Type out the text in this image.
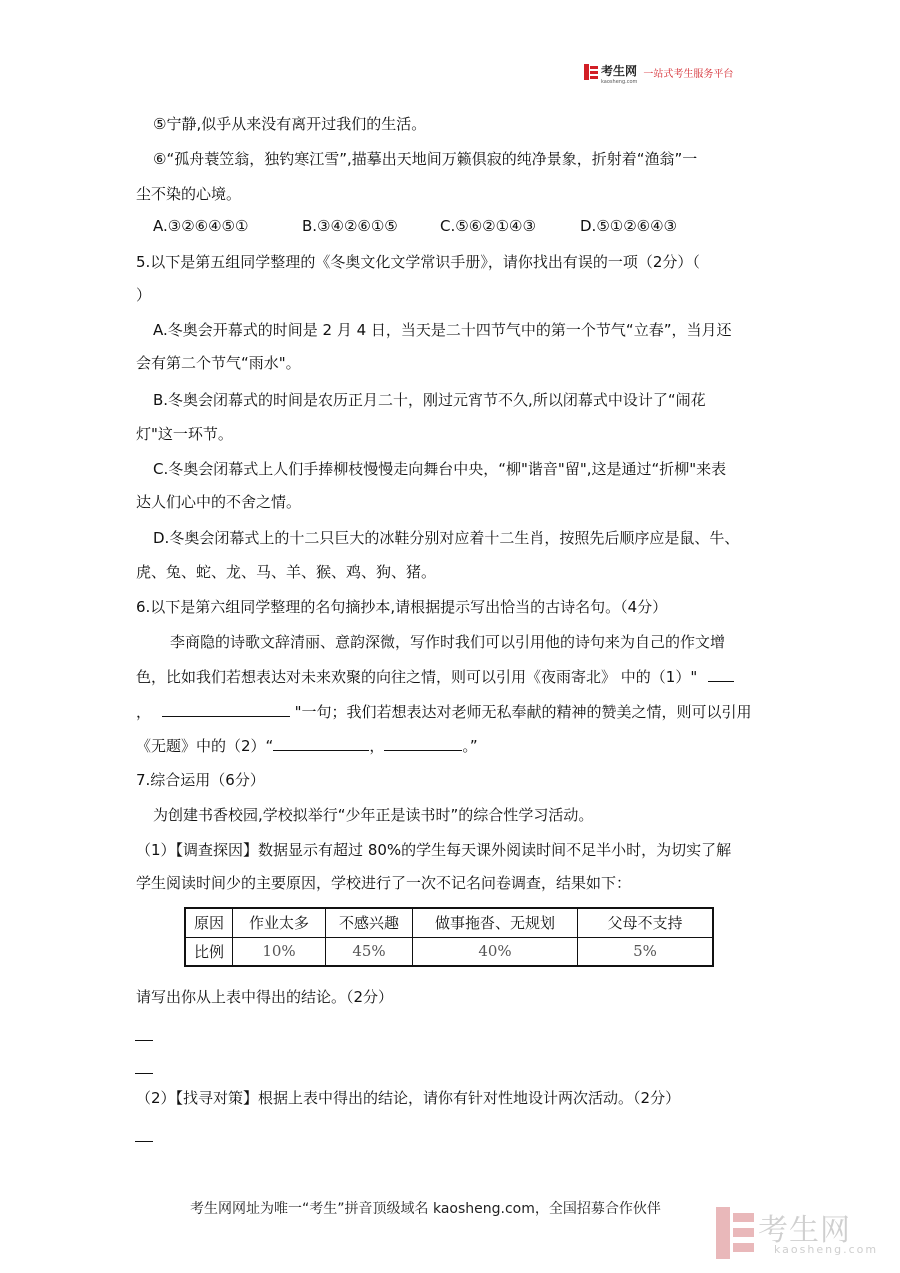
考生网
kaosheng.com
一站式考生服务平台
⑤宁静,似乎从来没有离开过我们的生活。
⑥“孤舟蓑笠翁，独钓寒江雪”,描摹出天地间万籁俱寂的纯净景象，折射着“渔翁”一
尘不染的心境。
A.③②⑥④⑤①	B.③④②⑥①⑤	C.⑤⑥②①④③	D.⑤①②⑥④③
5.以下是第五组同学整理的《冬奥文化文学常识手册》，请你找出有误的一项（2分）（
）
A.冬奥会开幕式的时间是 2 月 4 日，当天是二十四节气中的第一个节气“立春”，当月还
会有第二个节气“雨水"。
B.冬奥会闭幕式的时间是农历正月二十，刚过元宵节不久,所以闭幕式中设计了“闹花
灯"这一环节。
C.冬奥会闭幕式上人们手捧柳枝慢慢走向舞台中央，“柳"谐音"留",这是通过“折柳"来表
达人们心中的不舍之情。
D.冬奥会闭幕式上的十二只巨大的冰鞋分别对应着十二生肖，按照先后顺序应是鼠、牛、
虎、兔、蛇、龙、马、羊、猴、鸡、狗、猪。
6.以下是第六组同学整理的名句摘抄本,请根据提示写出恰当的古诗名句。（4分）
李商隐的诗歌文辞清丽、意韵深微，写作时我们可以引用他的诗句来为自己的作文增
色，比如我们若想表达对未来欢聚的向往之情，则可以引用《夜雨寄北》 中的（1）"
，	"一句；我们若想表达对老师无私奉献的精神的赞美之情，则可以引用
《无题》中的（2）“	，	。”
7.综合运用（6分）
为创建书香校园,学校拟举行“少年正是读书时”的综合性学习活动。
（1）【调查探因】数据显示有超过 80%的学生每天课外阅读时间不足半小时，为切实了解
学生阅读时间少的主要原因，学校进行了一次不记名问卷调查，结果如下：
原因	作业太多	不感兴趣	做事拖沓、无规划	父母不支持
比例	10%	45%	40%	5%
请写出你从上表中得出的结论。（2分）
（2）【找寻对策】根据上表中得出的结论，请你有针对性地设计两次活动。（2分）
考生网网址为唯一“考生”拼音顶级域名 kaosheng.com，全国招募合作伙伴
考生网
kaosheng.com
